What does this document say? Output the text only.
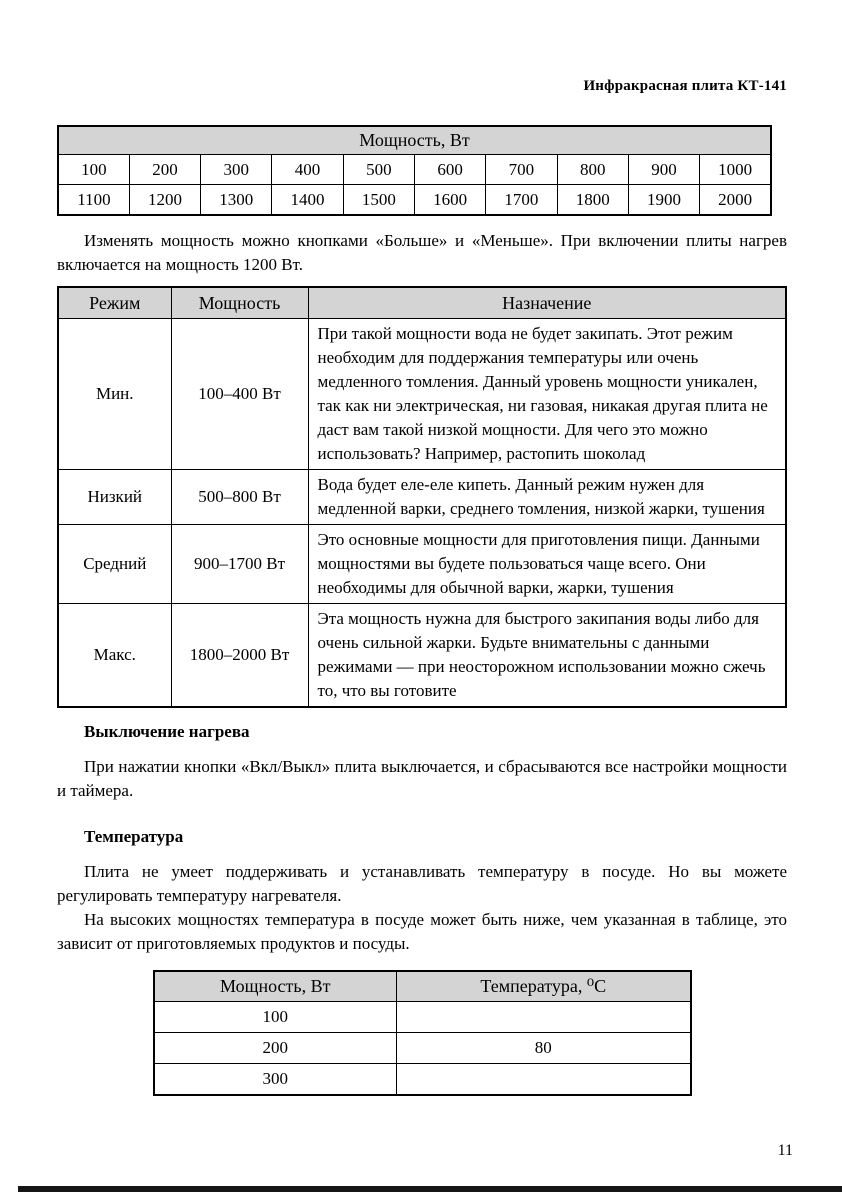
Инфракрасная плита КТ-141
Мощность, Вт									
100	200	300	400	500	600	700	800	900	1000
1100	1200	1300	1400	1500	1600	1700	1800	1900	2000

Изменять мощность можно кнопками «Больше» и «Меньше». При включении плиты нагрев включается на мощность 1200 Вт.

Режим	Мощность	Назначение
Мин.	100–400 Вт	При такой мощности вода не будет закипать. Этот режим необходим для поддержания температуры или очень медленного томления. Данный уровень мощности уникален, так как ни электрическая, ни газовая, никакая другая плита не даст вам такой низкой мощности. Для чего это можно использовать? Например, растопить шоколад
Низкий	500–800 Вт	Вода будет еле-еле кипеть. Данный режим нужен для медленной варки, среднего томления, низкой жарки, тушения
Средний	900–1700 Вт	Это основные мощности для приготовления пищи. Данными мощностями вы будете пользоваться чаще всего. Они необходимы для обычной варки, жарки, тушения
Макс.	1800–2000 Вт	Эта мощность нужна для быстрого закипания воды либо для очень сильной жарки. Будьте внимательны с данными режимами — при неосторожном использовании можно сжечь то, что вы готовите
Выключение нагрева

При нажатии кнопки «Вкл/Выкл» плита выключается, и сбрасываются все настройки мощности и таймера.

Температура

Плита не умеет поддерживать и устанавливать температуру в посуде. Но вы можете регулировать температуру нагревателя.

На высоких мощностях температура в посуде может быть ниже, чем указанная в таблице, это зависит от приготовляемых продуктов и посуды.

Мощность, Вт	Температура, ⁰С
100	
200	80
300	
11
